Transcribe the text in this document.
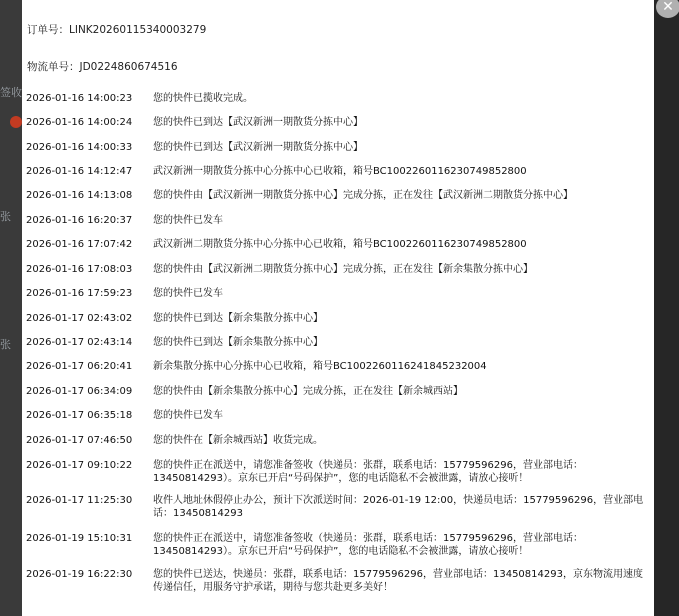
签收
张
张
订单号：LINK20260115340003279
物流单号：JD0224860674516
2026-01-16 14:00:23	您的快件已揽收完成。
2026-01-16 14:00:24	您的快件已到达【武汉新洲一期散货分拣中心】
2026-01-16 14:00:33	您的快件已到达【武汉新洲一期散货分拣中心】
2026-01-16 14:12:47	武汉新洲一期散货分拣中心分拣中心已收箱，箱号BC1002260116230749852800
2026-01-16 14:13:08	您的快件由【武汉新洲一期散货分拣中心】完成分拣，正在发往【武汉新洲二期散货分拣中心】
2026-01-16 16:20:37	您的快件已发车
2026-01-16 17:07:42	武汉新洲二期散货分拣中心分拣中心已收箱，箱号BC1002260116230749852800
2026-01-16 17:08:03	您的快件由【武汉新洲二期散货分拣中心】完成分拣，正在发往【新余集散分拣中心】
2026-01-16 17:59:23	您的快件已发车
2026-01-17 02:43:02	您的快件已到达【新余集散分拣中心】
2026-01-17 02:43:14	您的快件已到达【新余集散分拣中心】
2026-01-17 06:20:41	新余集散分拣中心分拣中心已收箱，箱号BC1002260116241845232004
2026-01-17 06:34:09	您的快件由【新余集散分拣中心】完成分拣，正在发往【新余城西站】
2026-01-17 06:35:18	您的快件已发车
2026-01-17 07:46:50	您的快件在【新余城西站】收货完成。
2026-01-17 09:10:22	您的快件正在派送中，请您准备签收（快递员：张群，联系电话：15779596296，营业部电话：13450814293）。京东已开启“号码保护”，您的电话隐私不会被泄露，请放心接听！
2026-01-17 11:25:30	收件人地址休假停止办公，预计下次派送时间：2026-01-19 12:00，快递员电话：15779596296，营业部电话：13450814293
2026-01-19 15:10:31	您的快件正在派送中，请您准备签收（快递员：张群，联系电话：15779596296，营业部电话：13450814293）。京东已开启“号码保护”，您的电话隐私不会被泄露，请放心接听！
2026-01-19 16:22:30	您的快件已送达，快递员：张群，联系电话：15779596296，营业部电话：13450814293，京东物流用速度传递信任，用服务守护承诺，期待与您共赴更多美好！
✕
